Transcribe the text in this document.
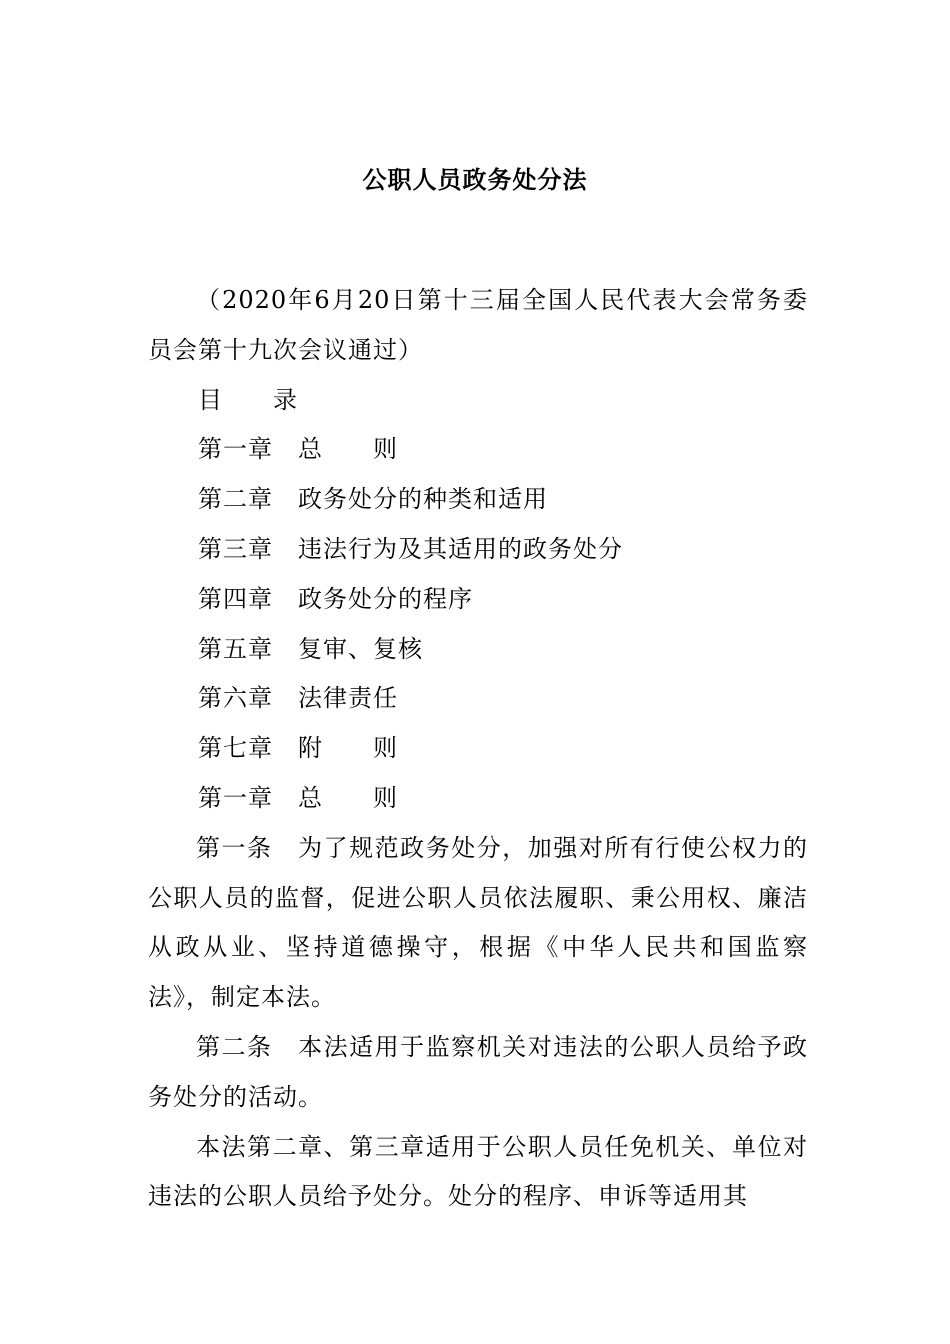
公职人员政务处分法

（2020年6月20日第十三届全国人民代表大会常务委员会第十九次会议通过）

目　　录

第一章 总　　则

第二章 政务处分的种类和适用

第三章 违法行为及其适用的政务处分

第四章 政务处分的程序

第五章 复审、复核

第六章 法律责任

第七章 附　　则

第一章 总　　则

第一条　为了规范政务处分，加强对所有行使公权力的公职人员的监督，促进公职人员依法履职、秉公用权、廉洁从政从业、坚持道德操守，根据《中华人民共和国监察法》，制定本法。

第二条　本法适用于监察机关对违法的公职人员给予政务处分的活动。

本法第二章、第三章适用于公职人员任免机关、单位对违法的公职人员给予处分。处分的程序、申诉等适用其
